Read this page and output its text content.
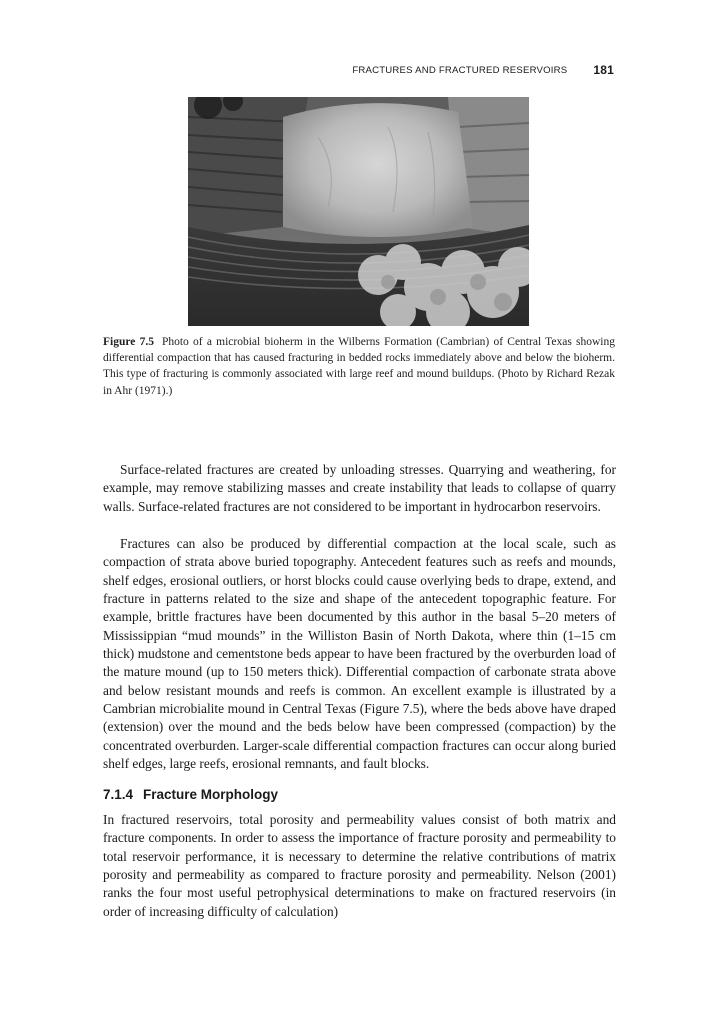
FRACTURES AND FRACTURED RESERVOIRS 181
Figure 7.5 Photo of a microbial bioherm in the Wilberns Formation (Cambrian) of Central Texas showing differential compaction that has caused fracturing in bedded rocks immediately above and below the bioherm. This type of fracturing is commonly associated with large reef and mound buildups. (Photo by Richard Rezak in Ahr (1971).)

Surface-related fractures are created by unloading stresses. Quarrying and weathering, for example, may remove stabilizing masses and create instability that leads to collapse of quarry walls. Surface-related fractures are not considered to be important in hydrocarbon reservoirs.

Fractures can also be produced by differential compaction at the local scale, such as compaction of strata above buried topography. Antecedent features such as reefs and mounds, shelf edges, erosional outliers, or horst blocks could cause overlying beds to drape, extend, and fracture in patterns related to the size and shape of the antecedent topographic feature. For example, brittle fractures have been documented by this author in the basal 5–20 meters of Mississippian “mud mounds” in the Williston Basin of North Dakota, where thin (1–15 cm thick) mudstone and cementstone beds appear to have been fractured by the overburden load of the mature mound (up to 150 meters thick). Differential compaction of carbonate strata above and below resistant mounds and reefs is common. An excellent example is illustrated by a Cambrian microbialite mound in Central Texas (Figure 7.5), where the beds above have draped (extension) over the mound and the beds below have been compressed (compaction) by the concentrated overburden. Larger-scale differential compaction fractures can occur along buried shelf edges, large reefs, erosional remnants, and fault blocks.

7.1.4 Fracture Morphology

In fractured reservoirs, total porosity and permeability values consist of both matrix and fracture components. In order to assess the importance of fracture porosity and permeability to total reservoir performance, it is necessary to determine the relative contributions of matrix porosity and permeability as compared to fracture porosity and permeability. Nelson (2001) ranks the four most useful petrophysical determinations to make on fractured reservoirs (in order of increasing difficulty of calculation)
